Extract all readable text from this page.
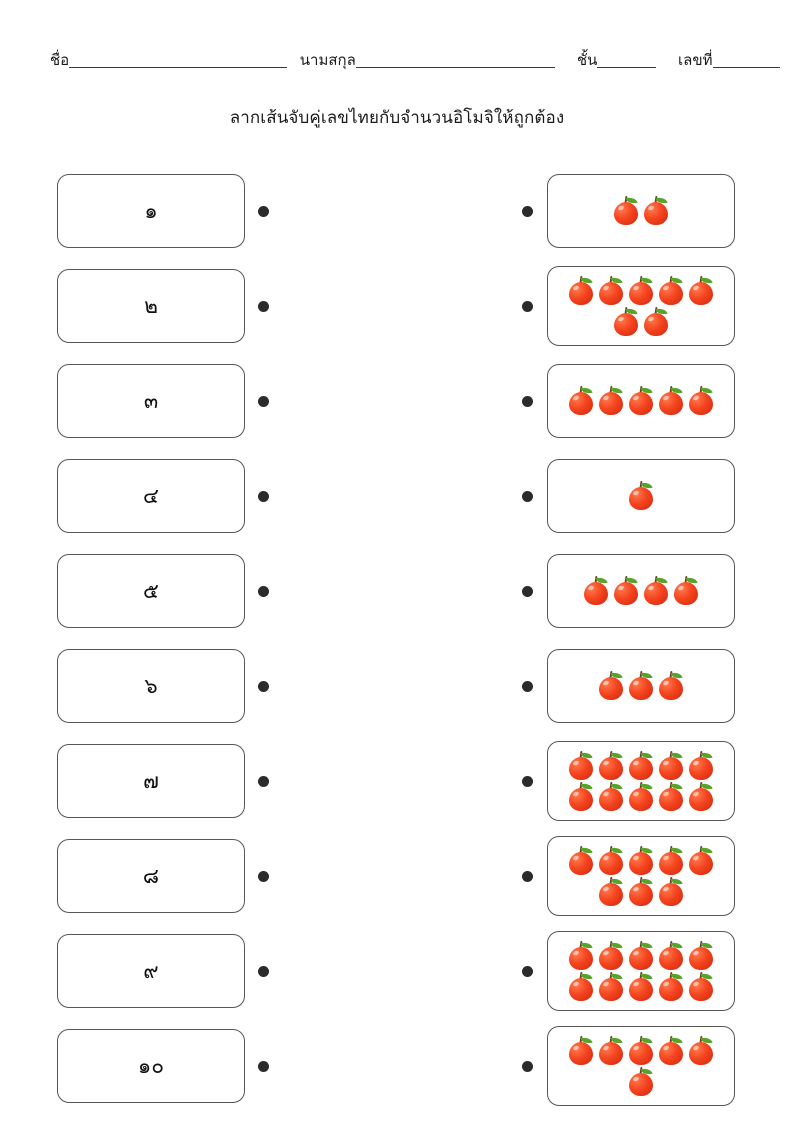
ชื่อ	นามสกุล	ชั้น	เลขที่
ลากเส้นจับคู่เลขไทยกับจำนวนอิโมจิให้ถูกต้อง
๑
๒
๓
๔
๕
๖
๗
๘
๙
๑๐
